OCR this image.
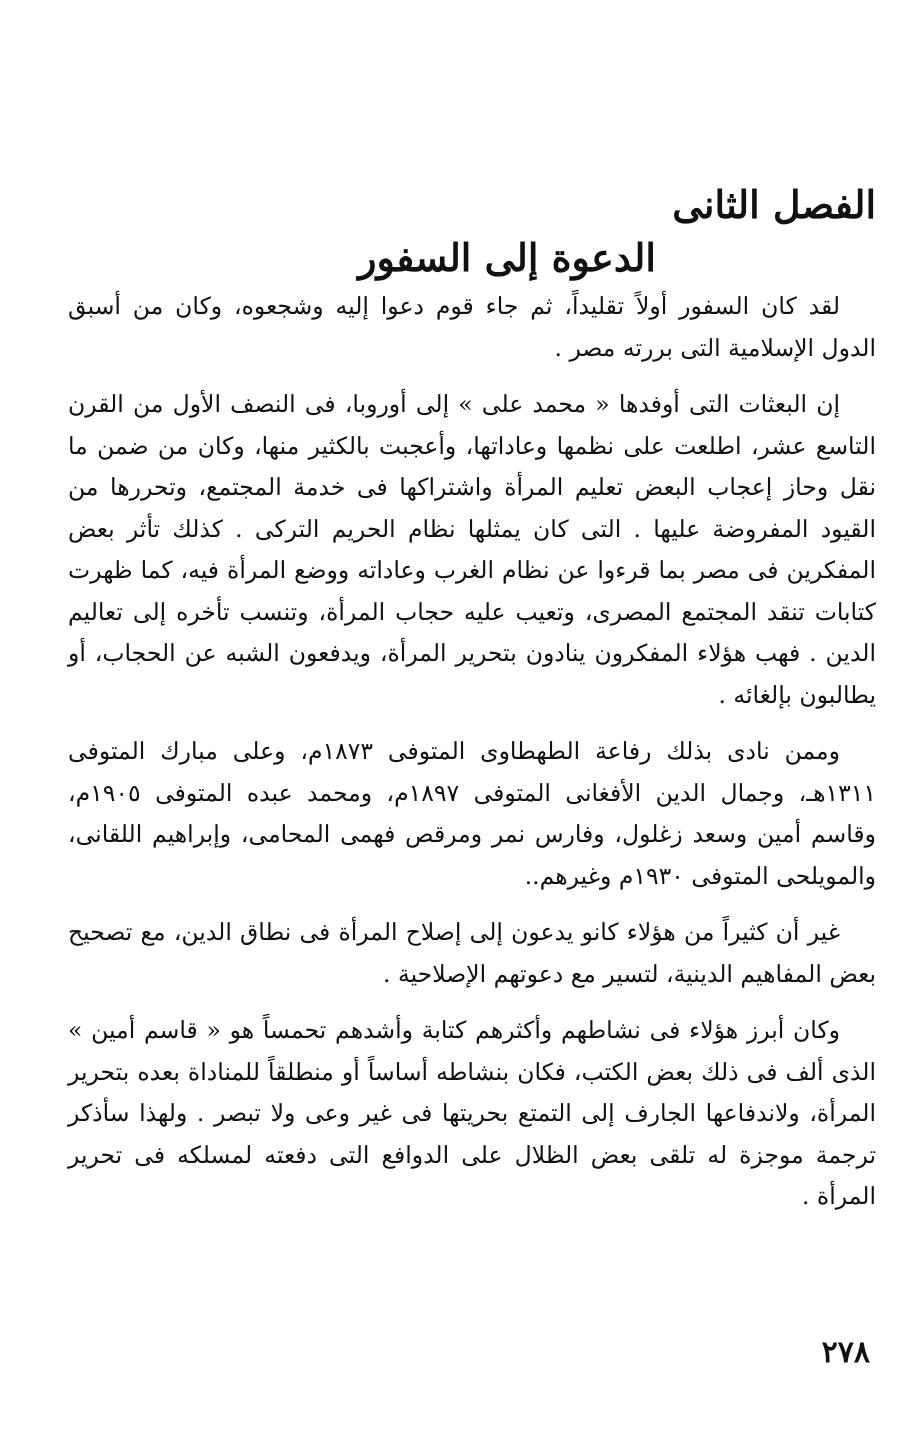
الفصل الثانى
الدعوة إلى السفور

لقد كان السفور أولاً تقليداً، ثم جاء قوم دعوا إليه وشجعوه، وكان من أسبق الدول الإسلامية التى بررته مصر .

إن البعثات التى أوفدها « محمد على » إلى أوروبا، فى النصف الأول من القرن التاسع عشر، اطلعت على نظمها وعاداتها، وأعجبت بالكثير منها، وكان من ضمن ما نقل وحاز إعجاب البعض تعليم المرأة واشتراكها فى خدمة المجتمع، وتحررها من القيود المفروضة عليها . التى كان يمثلها نظام الحريم التركى . كذلك تأثر بعض المفكرين فى مصر بما قرءوا عن نظام الغرب وعاداته ووضع المرأة فيه، كما ظهرت كتابات تنقد المجتمع المصرى، وتعيب عليه حجاب المرأة، وتنسب تأخره إلى تعاليم الدين . فهب هؤلاء المفكرون ينادون بتحرير المرأة، ويدفعون الشبه عن الحجاب، أو يطالبون بإلغائه .

وممن نادى بذلك رفاعة الطهطاوى المتوفى ١٨٧٣م، وعلى مبارك المتوفى ١٣١١هـ، وجمال الدين الأفغانى المتوفى ١٨٩٧م، ومحمد عبده المتوفى ١٩٠٥م، وقاسم أمين وسعد زغلول، وفارس نمر ومرقص فهمى المحامى، وإبراهيم اللقانى، والمويلحى المتوفى ١٩٣٠م وغيرهم..

غير أن كثيراً من هؤلاء كانو يدعون إلى إصلاح المرأة فى نطاق الدين، مع تصحيح بعض المفاهيم الدينية، لتسير مع دعوتهم الإصلاحية .

وكان أبرز هؤلاء فى نشاطهم وأكثرهم كتابة وأشدهم تحمساً هو « قاسم أمين » الذى ألف فى ذلك بعض الكتب، فكان بنشاطه أساساً أو منطلقاً للمناداة بعده بتحرير المرأة، ولاندفاعها الجارف إلى التمتع بحريتها فى غير وعى ولا تبصر . ولهذا سأذكر ترجمة موجزة له تلقى بعض الظلال على الدوافع التى دفعته لمسلكه فى تحرير المرأة .

٢٧٨
